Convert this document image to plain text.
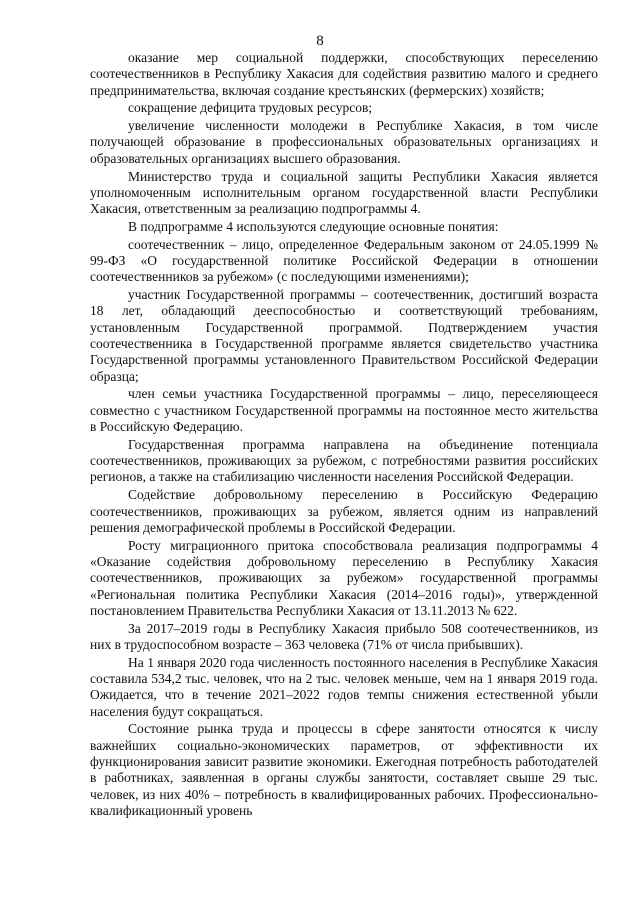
8

оказание мер социальной поддержки, способствующих переселению соотечественников в Республику Хакасия для содействия развитию малого и среднего предпринимательства, включая создание крестьянских (фермерских) хозяйств;

сокращение дефицита трудовых ресурсов;

увеличение численности молодежи в Республике Хакасия, в том числе получающей образование в профессиональных образовательных организациях и образовательных организациях высшего образования.

Министерство труда и социальной защиты Республики Хакасия является уполномоченным исполнительным органом государственной власти Республики Хакасия, ответственным за реализацию подпрограммы 4.

В подпрограмме 4 используются следующие основные понятия:

соотечественник – лицо, определенное Федеральным законом от 24.05.1999 № 99-ФЗ «О государственной политике Российской Федерации в отношении соотечественников за рубежом» (с последующими изменениями);

участник Государственной программы – соотечественник, достигший возраста 18 лет, обладающий дееспособностью и соответствующий требованиям, установленным Государственной программой. Подтверждением участия соотечественника в Государственной программе является свидетельство участника Государственной программы установленного Правительством Российской Федерации образца;

член семьи участника Государственной программы – лицо, переселяющееся совместно с участником Государственной программы на постоянное место жительства в Российскую Федерацию.

Государственная программа направлена на объединение потенциала соотечественников, проживающих за рубежом, с потребностями развития российских регионов, а также на стабилизацию численности населения Российской Федерации.

Содействие добровольному переселению в Российскую Федерацию соотечественников, проживающих за рубежом, является одним из направлений решения демографической проблемы в Российской Федерации.

Росту миграционного притока способствовала реализация подпрограммы 4 «Оказание содействия добровольному переселению в Республику Хакасия соотечественников, проживающих за рубежом» государственной программы «Региональная политика Республики Хакасия (2014–2016 годы)», утвержденной постановлением Правительства Республики Хакасия от 13.11.2013 № 622.

За 2017–2019 годы в Республику Хакасия прибыло 508 соотечественников, из них в трудоспособном возрасте – 363 человека (71% от числа прибывших).

На 1 января 2020 года численность постоянного населения в Республике Хакасия составила 534,2 тыс. человек, что на 2 тыс. человек меньше, чем на 1 января 2019 года. Ожидается, что в течение 2021–2022 годов темпы снижения естественной убыли населения будут сокращаться.

Состояние рынка труда и процессы в сфере занятости относятся к числу важнейших социально-экономических параметров, от эффективности их функционирования зависит развитие экономики. Ежегодная потребность работодателей в работниках, заявленная в органы службы занятости, составляет свыше 29 тыс. человек, из них 40% – потребность в квалифицированных рабочих. Профессионально-квалификационный уровень
